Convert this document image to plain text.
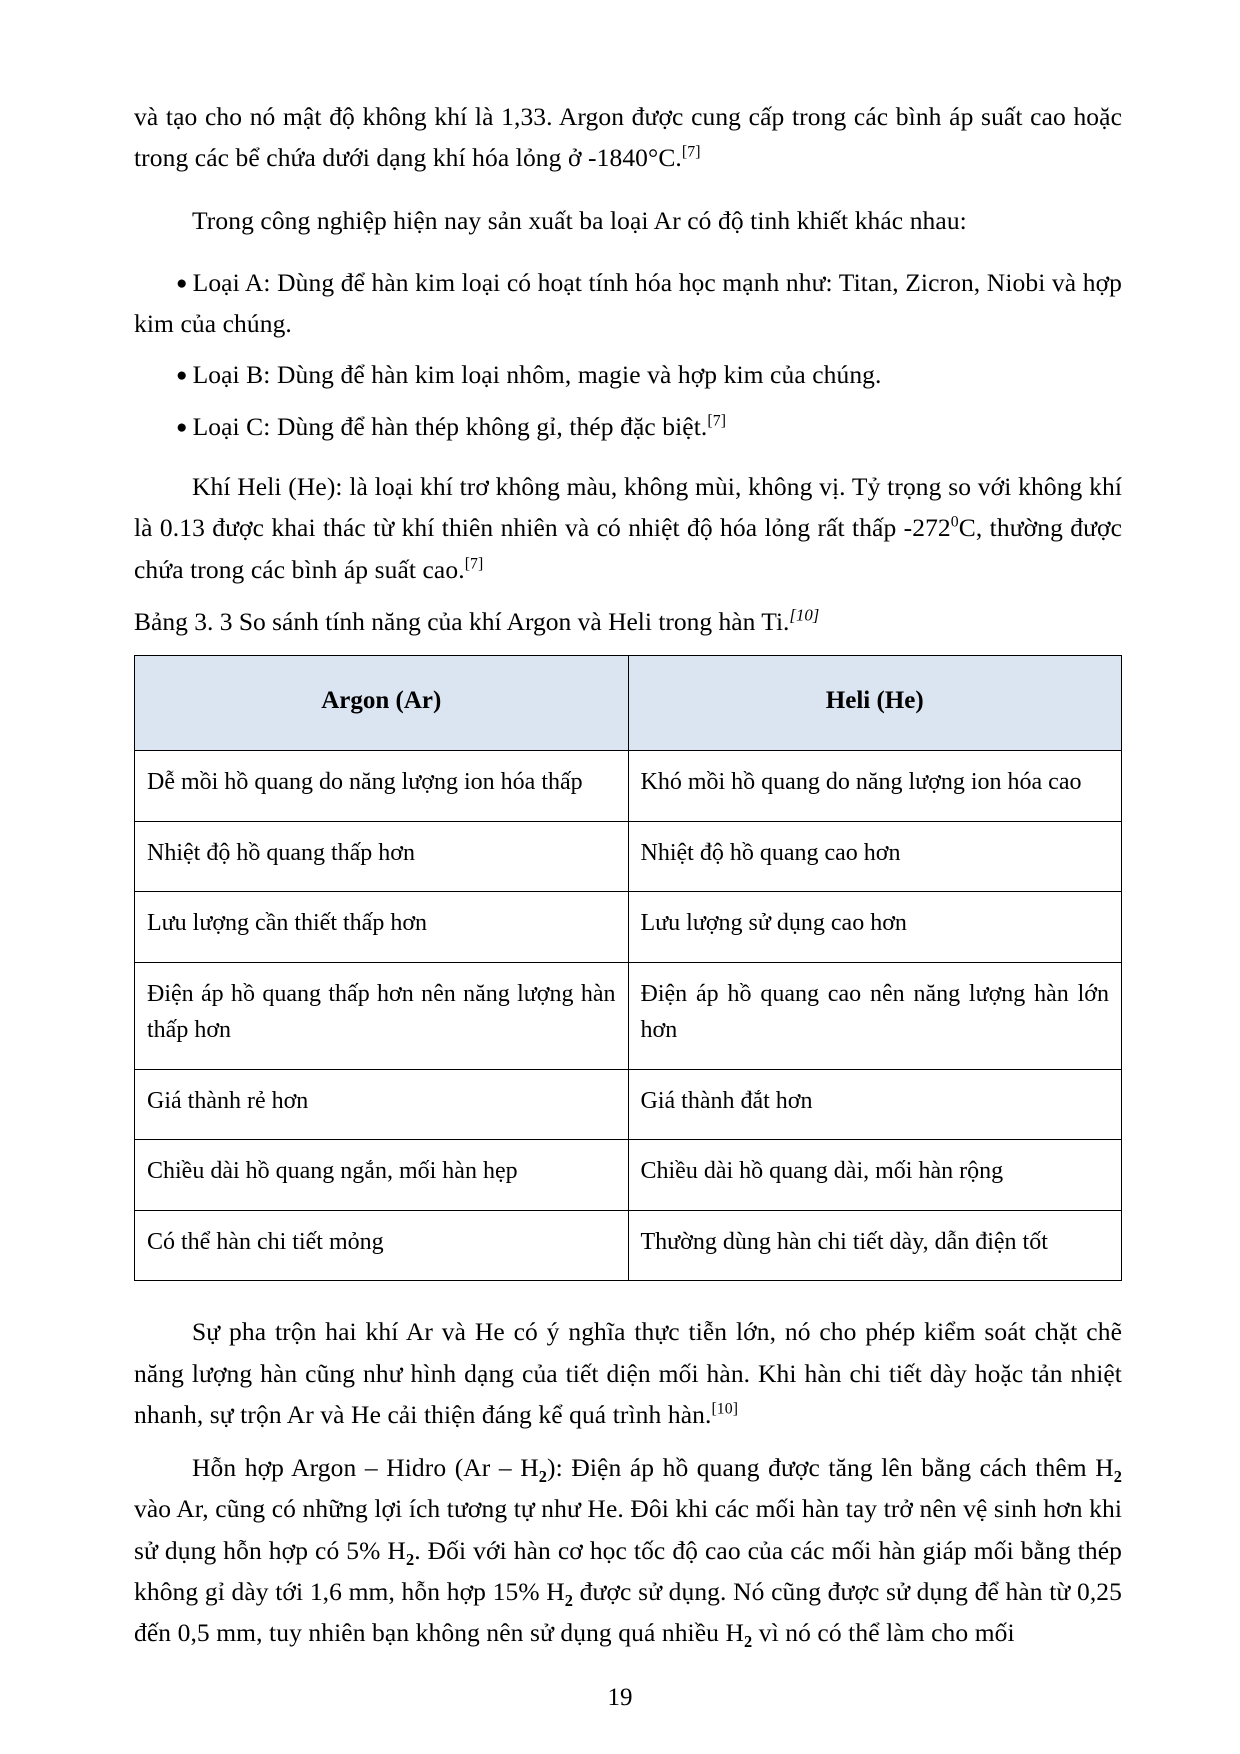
và tạo cho nó mật độ không khí là 1,33. Argon được cung cấp trong các bình áp suất cao hoặc trong các bể chứa dưới dạng khí hóa lỏng ở -1840°C.[7]

Trong công nghiệp hiện nay sản xuất ba loại Ar có độ tinh khiết khác nhau:

● Loại A: Dùng để hàn kim loại có hoạt tính hóa học mạnh như: Titan, Zicron, Niobi và hợp kim của chúng.

● Loại B: Dùng để hàn kim loại nhôm, magie và hợp kim của chúng.

● Loại C: Dùng để hàn thép không gỉ, thép đặc biệt.[7]

Khí Heli (He): là loại khí trơ không màu, không mùi, không vị. Tỷ trọng so với không khí là 0.13 được khai thác từ khí thiên nhiên và có nhiệt độ hóa lỏng rất thấp $-272^0C$, thường được chứa trong các bình áp suất cao.[7]

Bảng 3. 3 So sánh tính năng của khí Argon và Heli trong hàn Ti.[10]

Argon (Ar)	Heli (He)
Dễ mồi hồ quang do năng lượng ion hóa thấp	Khó mồi hồ quang do năng lượng ion hóa cao
Nhiệt độ hồ quang thấp hơn	Nhiệt độ hồ quang cao hơn
Lưu lượng cần thiết thấp hơn	Lưu lượng sử dụng cao hơn
Điện áp hồ quang thấp hơn nên năng lượng hàn thấp hơn	Điện áp hồ quang cao nên năng lượng hàn lớn hơn
Giá thành rẻ hơn	Giá thành đắt hơn
Chiều dài hồ quang ngắn, mối hàn hẹp	Chiều dài hồ quang dài, mối hàn rộng
Có thể hàn chi tiết mỏng	Thường dùng hàn chi tiết dày, dẫn điện tốt

Sự pha trộn hai khí Ar và He có ý nghĩa thực tiễn lớn, nó cho phép kiểm soát chặt chẽ năng lượng hàn cũng như hình dạng của tiết diện mối hàn. Khi hàn chi tiết dày hoặc tản nhiệt nhanh, sự trộn Ar và He cải thiện đáng kể quá trình hàn.[10]

Hỗn hợp Argon – Hidro $(Ar - H_2)$: Điện áp hồ quang được tăng lên bằng cách thêm $H_2$ vào Ar, cũng có những lợi ích tương tự như He. Đôi khi các mối hàn tay trở nên vệ sinh hơn khi sử dụng hỗn hợp có 5% $H_2$. Đối với hàn cơ học tốc độ cao của các mối hàn giáp mối bằng thép không gỉ dày tới 1,6 mm, hỗn hợp 15% $H_2$ được sử dụng. Nó cũng được sử dụng để hàn từ 0,25 đến 0,5 mm, tuy nhiên bạn không nên sử dụng quá nhiều $H_2$ vì nó có thể làm cho mối

19
